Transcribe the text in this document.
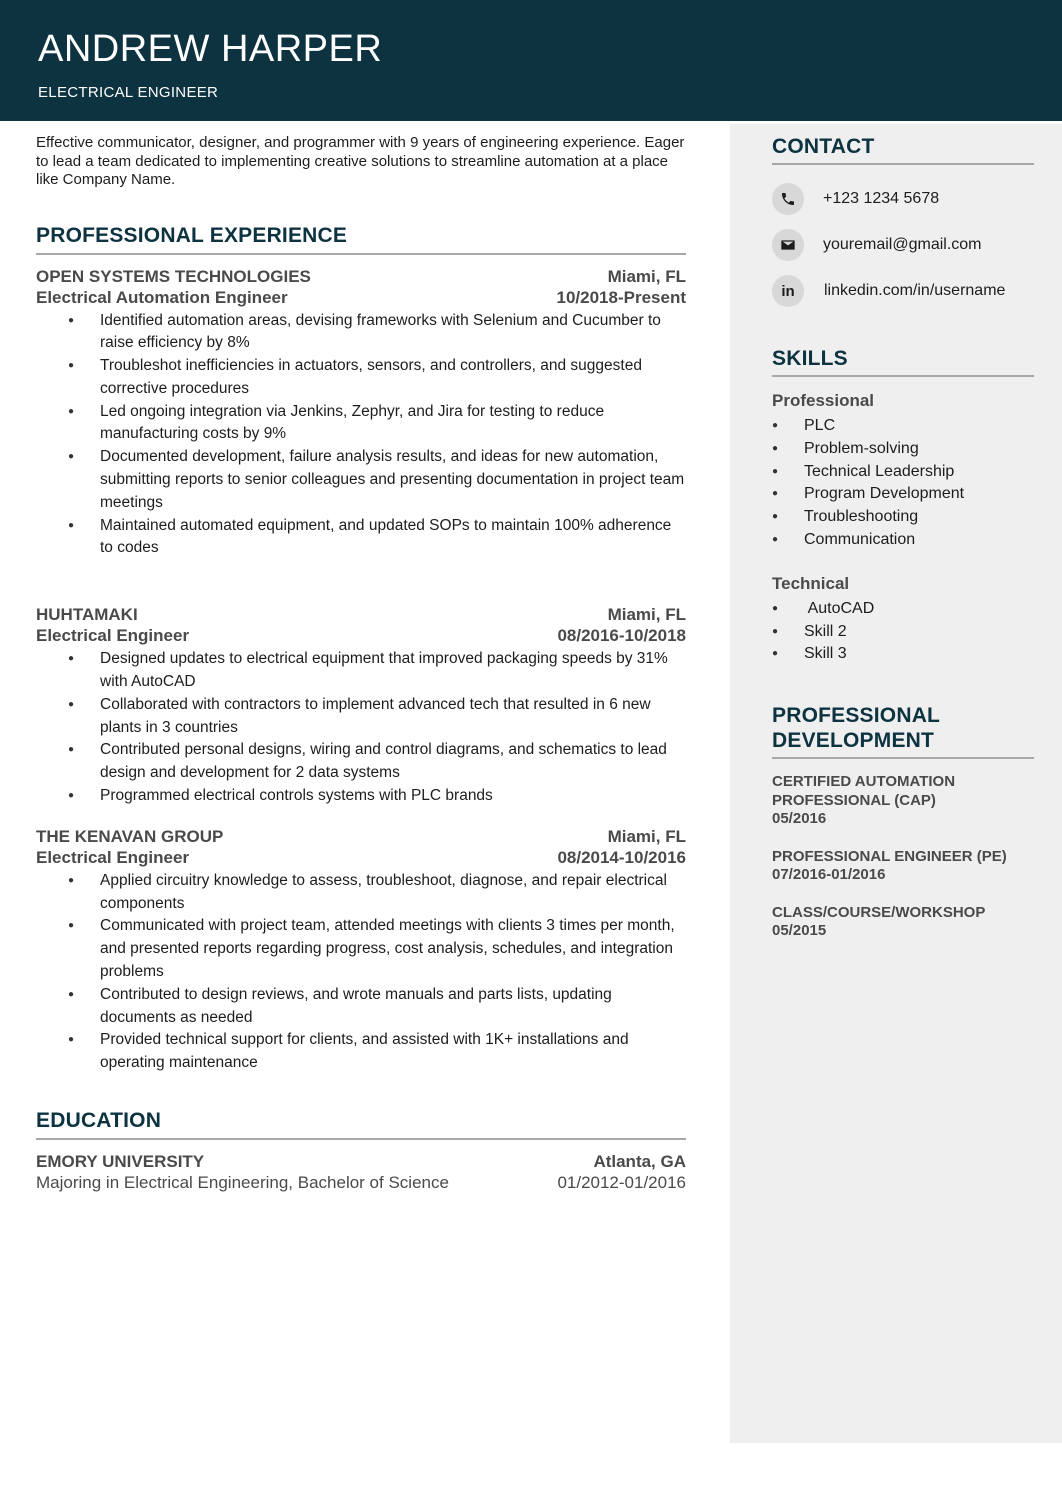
ANDREW HARPER
ELECTRICAL ENGINEER

Effective communicator, designer, and programmer with 9 years of engineering experience. Eager to lead a team dedicated to implementing creative solutions to streamline automation at a place like Company Name.

PROFESSIONAL EXPERIENCE
OPEN SYSTEMS TECHNOLOGIES	Miami, FL
Electrical Automation Engineer	10/2018-Present
● Identified automation areas, devising frameworks with Selenium and Cucumber to raise efficiency by 8%
● Troubleshot inefficiencies in actuators, sensors, and controllers, and suggested corrective procedures
● Led ongoing integration via Jenkins, Zephyr, and Jira for testing to reduce manufacturing costs by 9%
● Documented development, failure analysis results, and ideas for new automation, submitting reports to senior colleagues and presenting documentation in project team meetings
● Maintained automated equipment, and updated SOPs to maintain 100% adherence to codes
HUHTAMAKI	Miami, FL
Electrical Engineer	08/2016-10/2018
● Designed updates to electrical equipment that improved packaging speeds by 31% with AutoCAD
● Collaborated with contractors to implement advanced tech that resulted in 6 new plants in 3 countries
● Contributed personal designs, wiring and control diagrams, and schematics to lead design and development for 2 data systems
● Programmed electrical controls systems with PLC brands
THE KENAVAN GROUP	Miami, FL
Electrical Engineer	08/2014-10/2016
● Applied circuitry knowledge to assess, troubleshoot, diagnose, and repair electrical components
● Communicated with project team, attended meetings with clients 3 times per month, and presented reports regarding progress, cost analysis, schedules, and integration problems
● Contributed to design reviews, and wrote manuals and parts lists, updating documents as needed
● Provided technical support for clients, and assisted with 1K+ installations and operating maintenance
EDUCATION
EMORY UNIVERSITY	Atlanta, GA
Majoring in Electrical Engineering, Bachelor of Science	01/2012-01/2016
CONTACT
+123 1234 5678
youremail@gmail.com
in linkedin.com/in/username
SKILLS
Professional
● PLC
● Problem-solving
● Technical Leadership
● Program Development
● Troubleshooting
● Communication
Technical
●  AutoCAD
● Skill 2
● Skill 3
PROFESSIONAL
DEVELOPMENT
CERTIFIED AUTOMATION
PROFESSIONAL (CAP)
05/2016
PROFESSIONAL ENGINEER (PE)
07/2016-01/2016
CLASS/COURSE/WORKSHOP
05/2015
